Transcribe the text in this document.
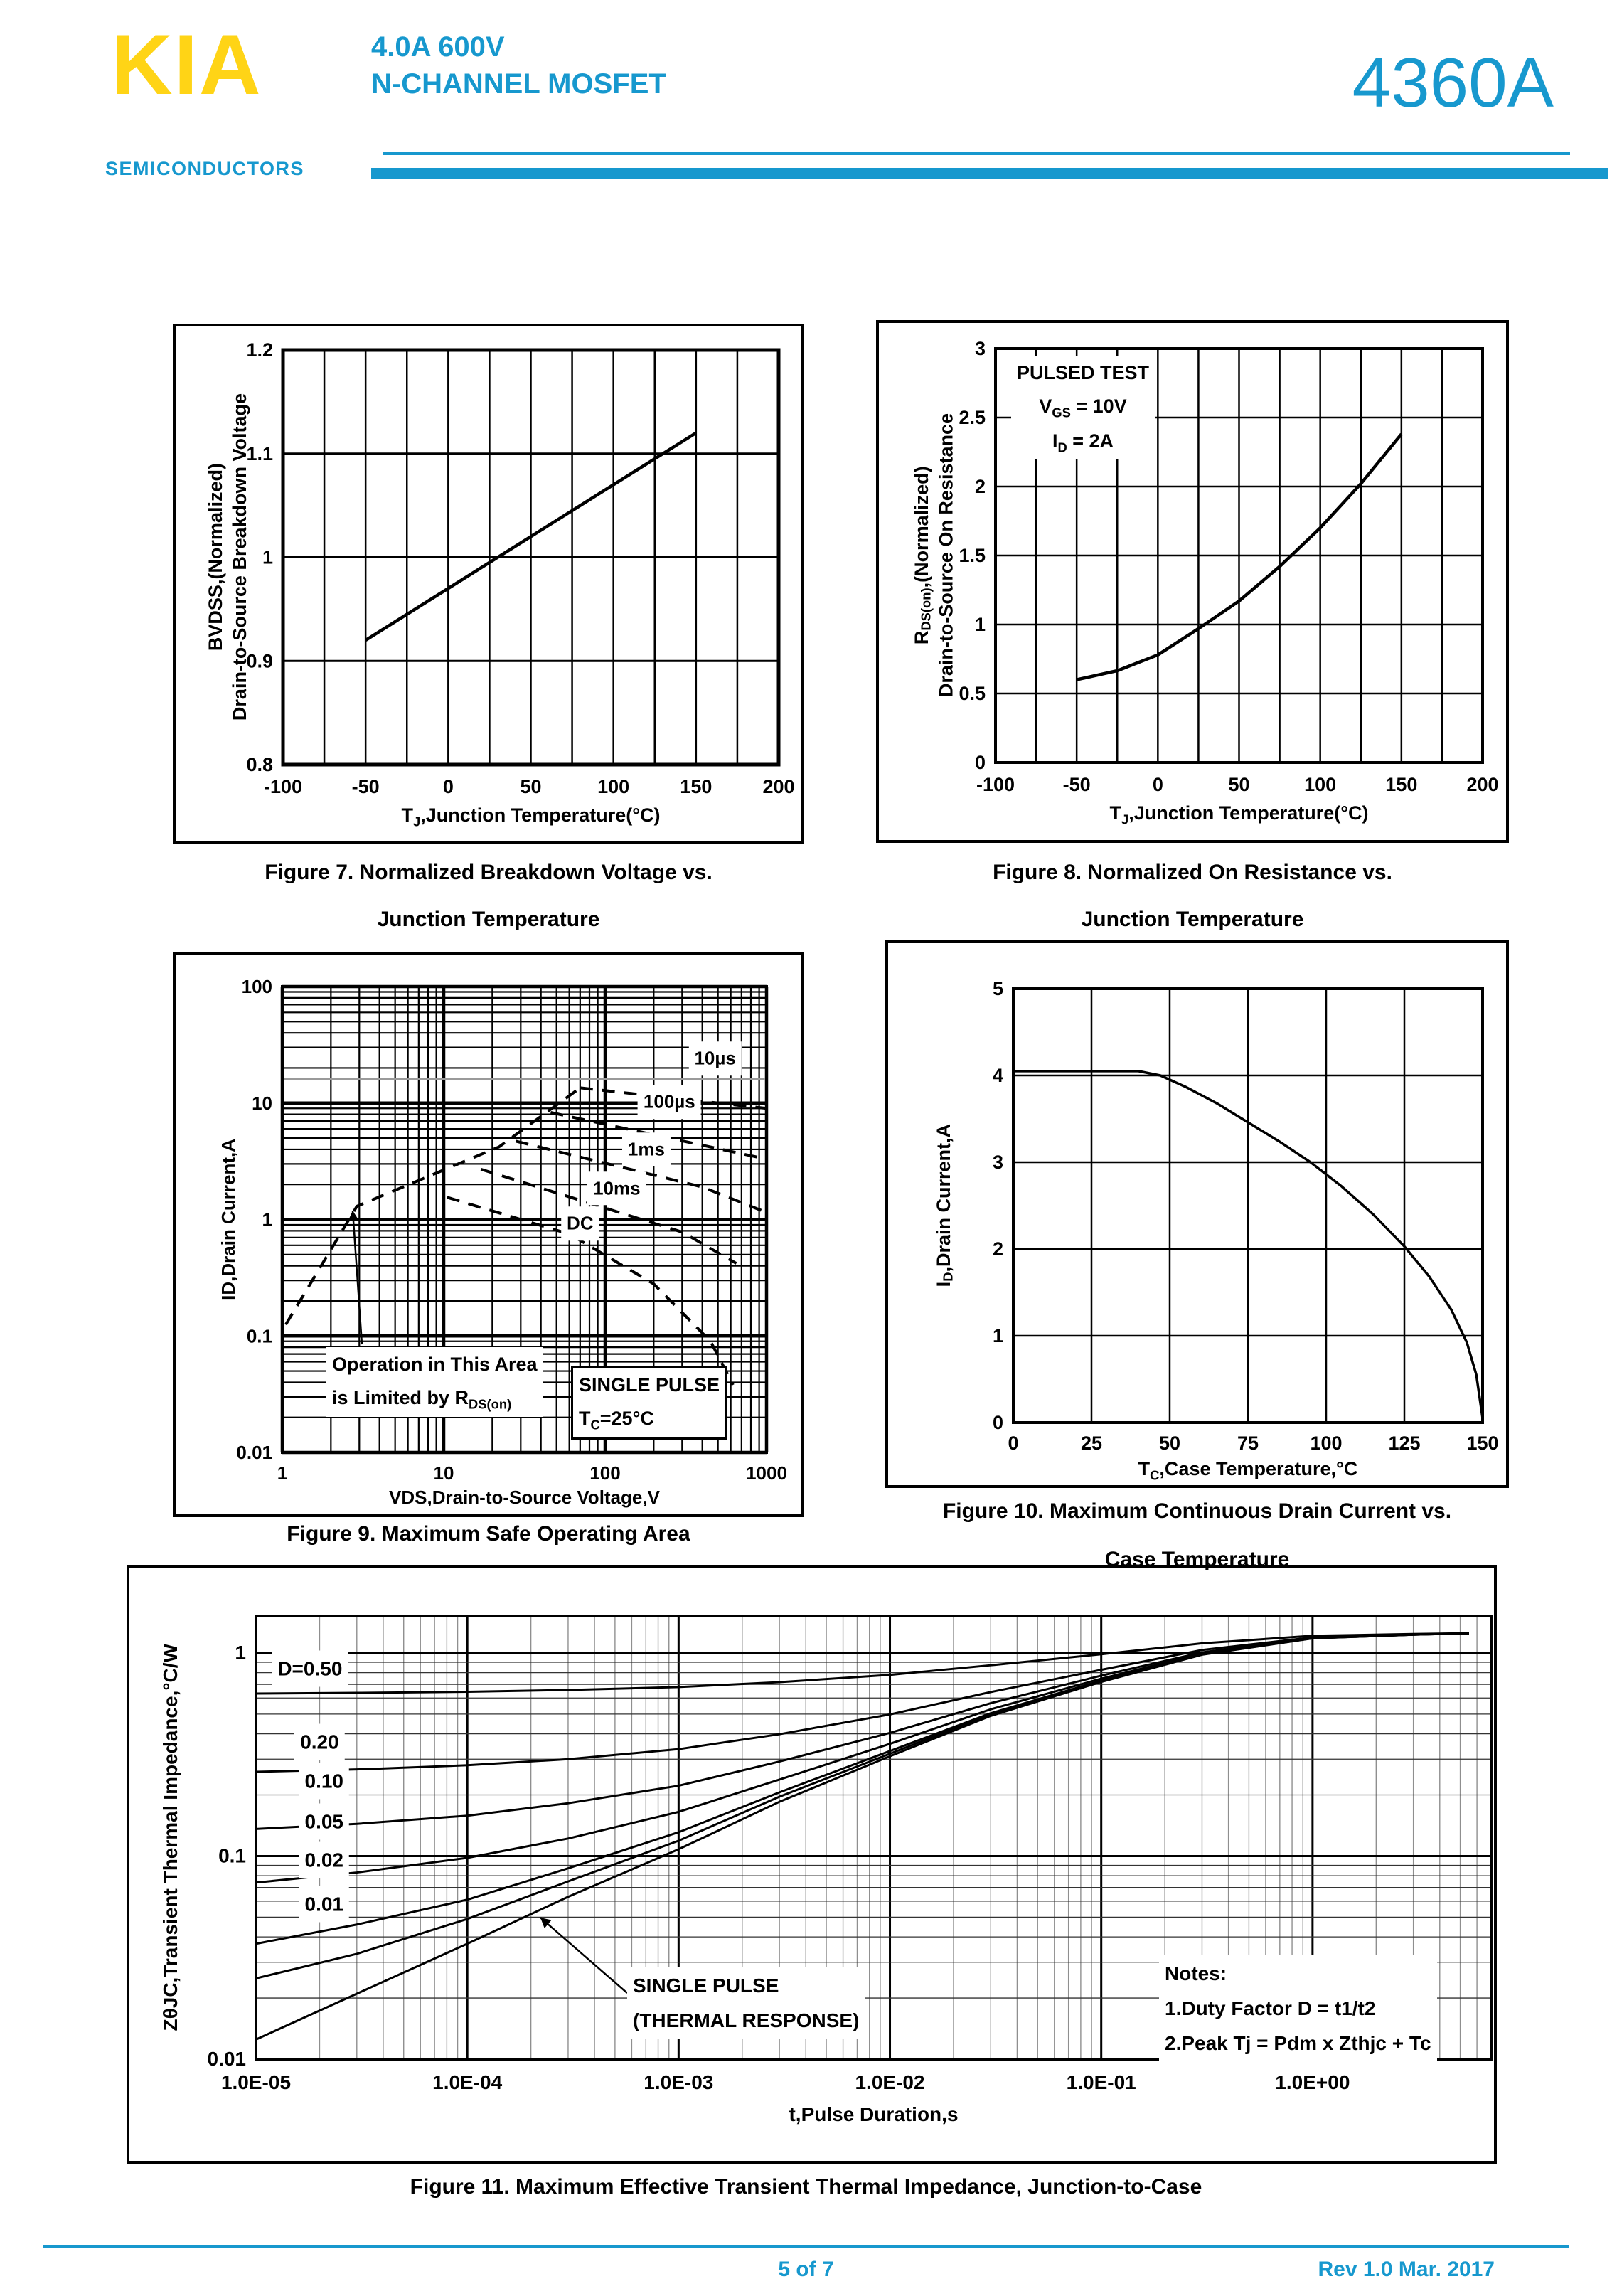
KIA
SEMICONDUCTORS
4.0A 600V
N-CHANNEL MOSFET	4360A
-100	-50	0	50	100	150	200
1.2
1.1
1
0.9
0.8
$T_J,Junction$ Temperature(°C)
BVDSS,(Normalized) Drain-to-Source Breakdown Voltage
-100	-50	0	50	100	150	200
3
2.5
2
1.5
1
0.5
0
PULSED TEST
$V_{GS} = 10V$
$I_D = 2A$
$T_J,Junction$ Temperature(°C)
$R_{DS(on)},(Normalized)$ Drain-to-Source On Resistance
1	10	100	1000
100
10
1
0.1
0.01
10µs
100µs
1ms
10ms
DC
Operation in This Area
is Limited by $R_{DS(on)}$
SINGLE PULSE
$T_C=25^\circ C$
VDS,Drain-to-Source Voltage,V
ID,Drain Current,A
0	25	50	75	100 125 150
5
4
3
2
1
0
$T_C,Case$ Temperature,°C
$I_D,Drain$ Current,A
1.0E-05	1.0E-04	1.0E-03	1.0E-02	1.0E-01	1.0E+00
1
0.1
0.01
D=0.50
0.20
0.10
0.05
0.02
0.01
SINGLE PULSE
(THERMAL RESPONSE)
Notes:
1.Duty Factor D = t1/t2
2.Peak Tj = Pdm x Zthjc + Tc
t,Pulse Duration,s
ZθJC,Transient Thermal Impedance,°C/W
Figure 7. Normalized Breakdown Voltage vs.
Junction Temperature
Figure 8. Normalized On Resistance vs.
Junction Temperature
Figure 9. Maximum Safe Operating Area
Figure 10. Maximum Continuous Drain Current vs.
Case Temperature
Figure 11. Maximum Effective Transient Thermal Impedance, Junction-to-Case
5 of 7	Rev 1.0 Mar. 2017
